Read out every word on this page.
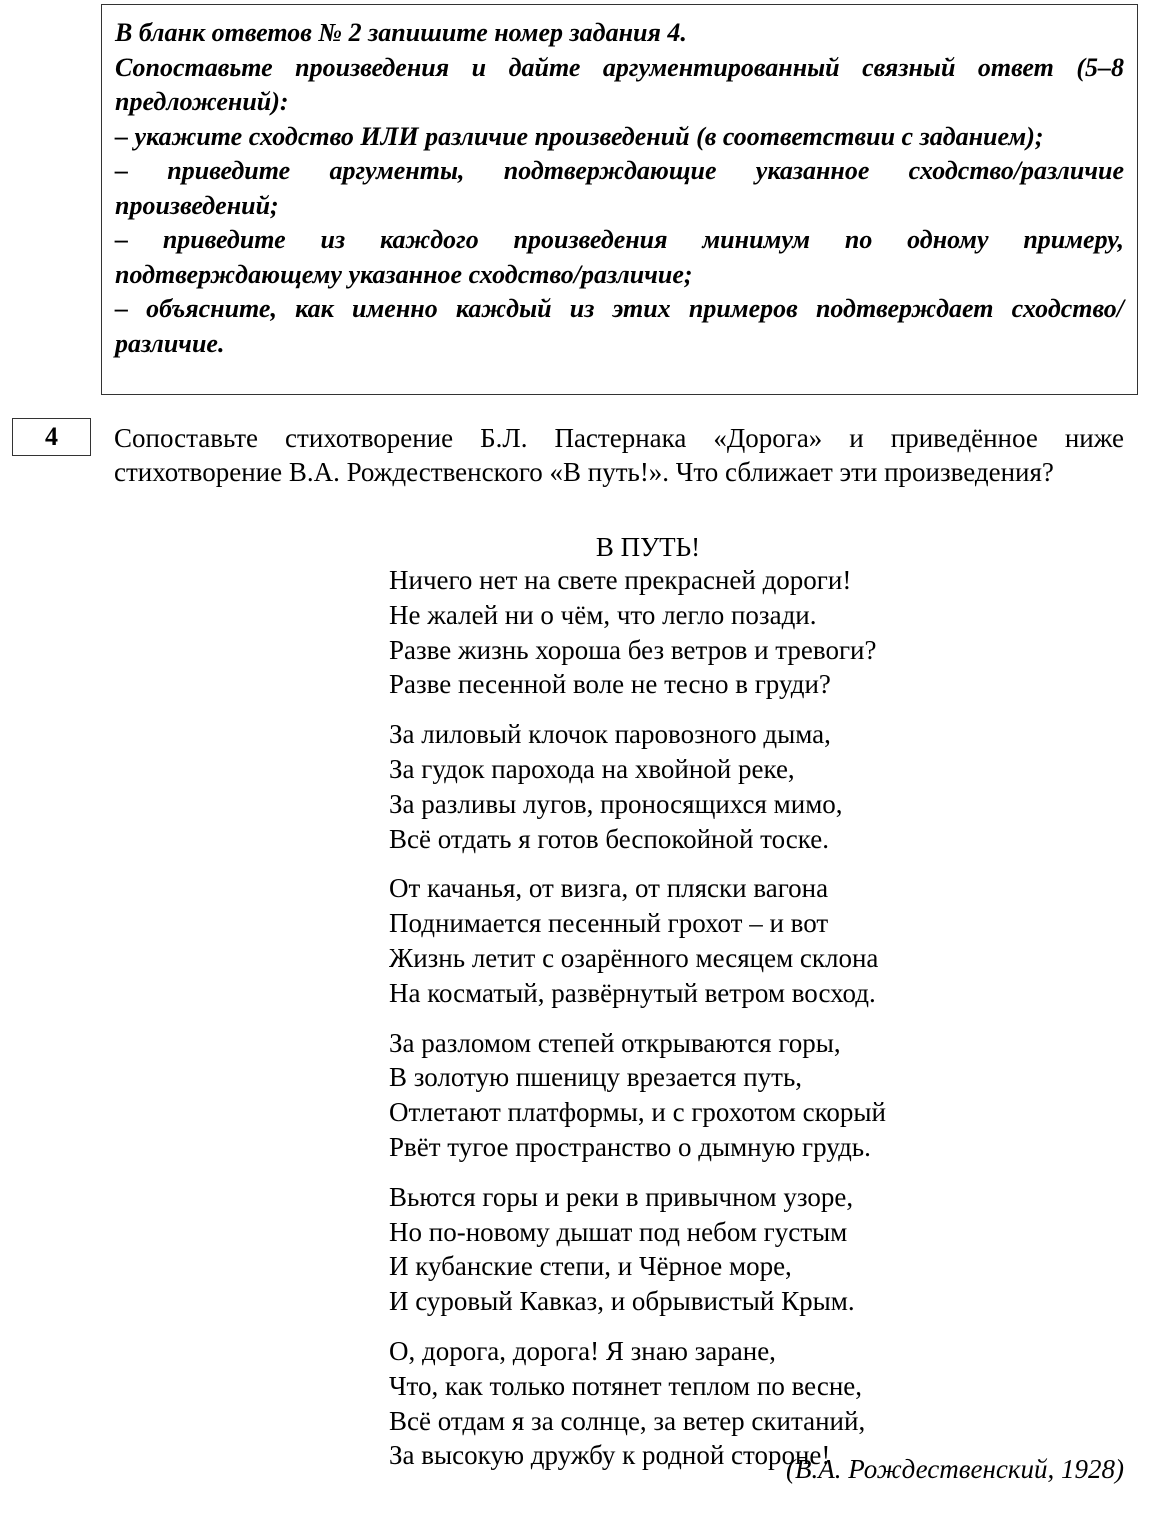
В бланк ответов № 2 запишите номер задания 4.

Сопоставьте произведения и дайте аргументированный связный ответ (5–8 предложений):

– укажите сходство ИЛИ различие произведений (в соответствии с заданием);

– приведите аргументы, подтверждающие указанное сходство/различие произведений;

– приведите из каждого произведения минимум по одному примеру, подтверждающему указанное сходство/различие;

– объясните, как именно каждый из этих примеров подтверждает сходство/различие.

4	Сопоставьте стихотворение Б.Л. Пастернака «Дорога» и приведённое ниже стихотворение В.А. Рождественского «В путь!». Что сближает эти произведения?

В ПУТЬ!

Ничего нет на свете прекрасней дороги!
Не жалей ни о чём, что легло позади.
Разве жизнь хороша без ветров и тревоги?
Разве песенной воле не тесно в груди?
За лиловый клочок паровозного дыма,
За гудок парохода на хвойной реке,
За разливы лугов, проносящихся мимо,
Всё отдать я готов беспокойной тоске.
От качанья, от визга, от пляски вагона
Поднимается песенный грохот – и вот
Жизнь летит с озарённого месяцем склона
На косматый, развёрнутый ветром восход.
За разломом степей открываются горы,
В золотую пшеницу врезается путь,
Отлетают платформы, и с грохотом скорый
Рвёт тугое пространство о дымную грудь.
Вьются горы и реки в привычном узоре,
Но по-новому дышат под небом густым
И кубанские степи, и Чёрное море,
И суровый Кавказ, и обрывистый Крым.
О, дорога, дорога! Я знаю заране,
Что, как только потянет теплом по весне,
Всё отдам я за солнце, за ветер скитаний,
За высокую дружбу к родной стороне!

(В.А. Рождественский, 1928)
